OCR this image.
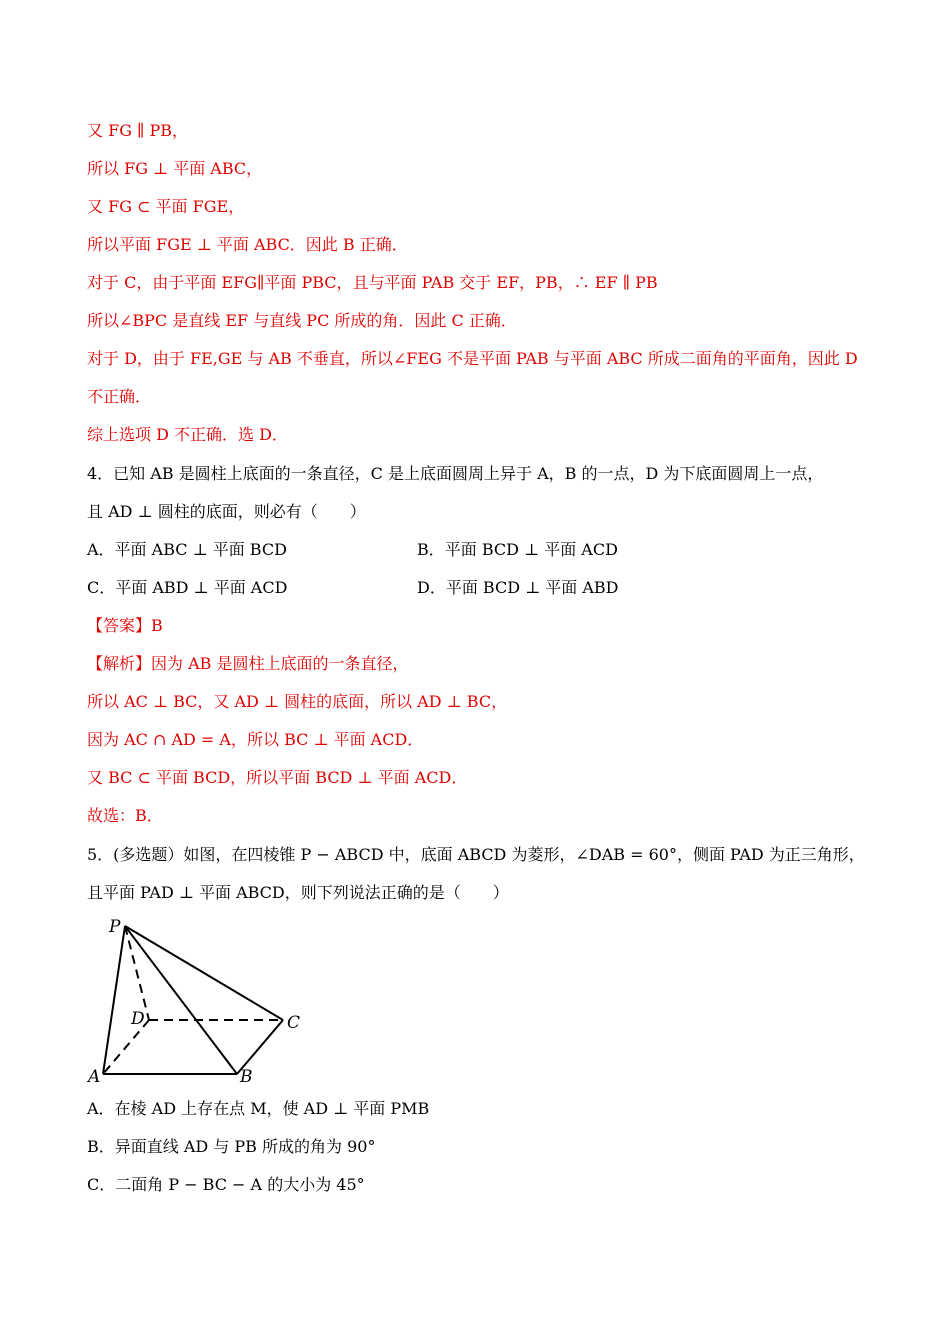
又 FG ∥ PB，
所以 FG ⊥ 平面 ABC，
又 FG ⊂ 平面 FGE，
所以平面 FGE ⊥ 平面 ABC．因此 B 正确．
对于 C，由于平面 EFG∥平面 PBC，且与平面 PAB 交于 EF，PB，∴ EF ∥ PB
所以∠BPC 是直线 EF 与直线 PC 所成的角．因此 C 正确．
对于 D，由于 FE,GE 与 AB 不垂直，所以∠FEG 不是平面 PAB 与平面 ABC 所成二面角的平面角，因此 D
不正确．
综上选项 D 不正确．选 D．
4．已知 AB 是圆柱上底面的一条直径，C 是上底面圆周上异于 A，B 的一点，D 为下底面圆周上一点，
且 AD ⊥ 圆柱的底面，则必有（　　）
A．平面 ABC ⊥ 平面 BCD	B．平面 BCD ⊥ 平面 ACD
C．平面 ABD ⊥ 平面 ACD	D．平面 BCD ⊥ 平面 ABD
【答案】B
【解析】因为 AB 是圆柱上底面的一条直径，
所以 AC ⊥ BC，又 AD ⊥ 圆柱的底面，所以 AD ⊥ BC，
因为 AC ∩ AD = A，所以 BC ⊥ 平面 ACD．
又 BC ⊂ 平面 BCD，所以平面 BCD ⊥ 平面 ACD．
故选：B．
5．(多选题）如图，在四棱锥 P − ABCD 中，底面 ABCD 为菱形，∠DAB = 60°，侧面 PAD 为正三角形，
且平面 PAD ⊥ 平面 ABCD，则下列说法正确的是（　　）
P
D	C
A	B
A．在棱 AD 上存在点 M，使 AD ⊥ 平面 PMB
B．异面直线 AD 与 PB 所成的角为 90°
C．二面角 P − BC − A 的大小为 45°
